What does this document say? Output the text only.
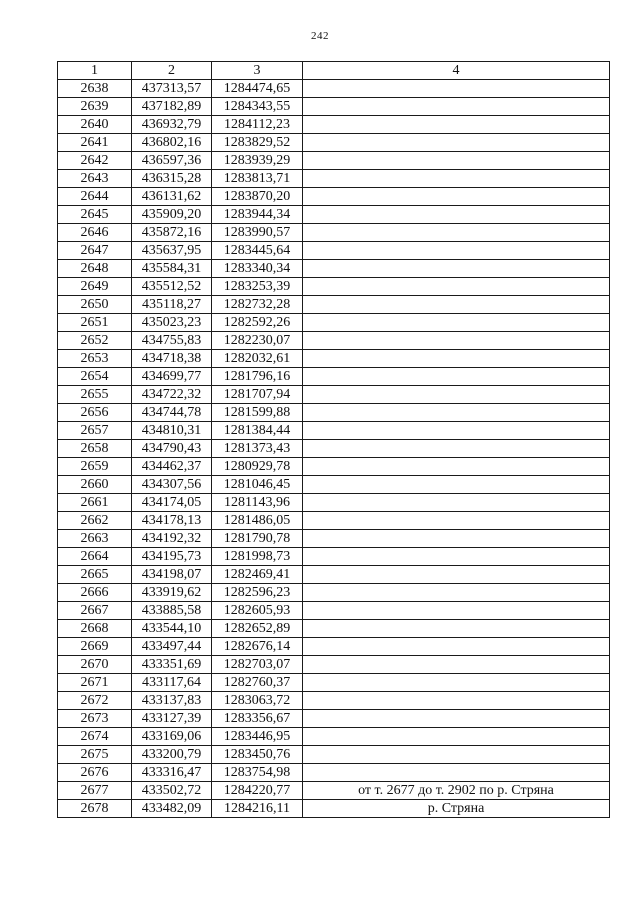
242
1	2	3	4
2638	437313,57	1284474,65	
2639	437182,89	1284343,55	
2640	436932,79	1284112,23	
2641	436802,16	1283829,52	
2642	436597,36	1283939,29	
2643	436315,28	1283813,71	
2644	436131,62	1283870,20	
2645	435909,20	1283944,34	
2646	435872,16	1283990,57	
2647	435637,95	1283445,64	
2648	435584,31	1283340,34	
2649	435512,52	1283253,39	
2650	435118,27	1282732,28	
2651	435023,23	1282592,26	
2652	434755,83	1282230,07	
2653	434718,38	1282032,61	
2654	434699,77	1281796,16	
2655	434722,32	1281707,94	
2656	434744,78	1281599,88	
2657	434810,31	1281384,44	
2658	434790,43	1281373,43	
2659	434462,37	1280929,78	
2660	434307,56	1281046,45	
2661	434174,05	1281143,96	
2662	434178,13	1281486,05	
2663	434192,32	1281790,78	
2664	434195,73	1281998,73	
2665	434198,07	1282469,41	
2666	433919,62	1282596,23	
2667	433885,58	1282605,93	
2668	433544,10	1282652,89	
2669	433497,44	1282676,14	
2670	433351,69	1282703,07	
2671	433117,64	1282760,37	
2672	433137,83	1283063,72	
2673	433127,39	1283356,67	
2674	433169,06	1283446,95	
2675	433200,79	1283450,76	
2676	433316,47	1283754,98	
2677	433502,72	1284220,77	от т. 2677 до т. 2902 по р. Стряна
2678	433482,09	1284216,11	р. Стряна
